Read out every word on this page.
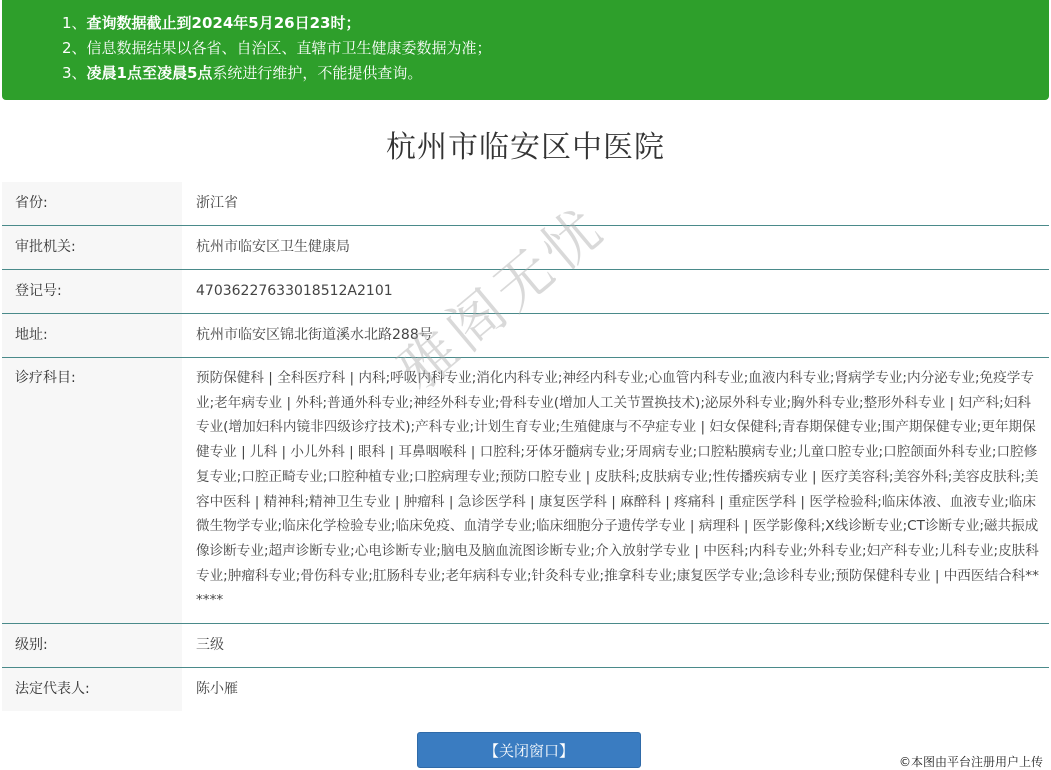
1、查询数据截止到2024年5月26日23时；
2、信息数据结果以各省、自治区、直辖市卫生健康委数据为准；
3、凌晨1点至凌晨5点系统进行维护，不能提供查询。
杭州市临安区中医院
省份:	浙江省
审批机关:	杭州市临安区卫生健康局
登记号:	47036227633018512A2101
地址:	杭州市临安区锦北街道溪水北路288号
诊疗科目:	预防保健科 | 全科医疗科 | 内科;呼吸内科专业;消化内科专业;神经内科专业;心血管内科专业;血液内科专业;肾病学专业;内分泌专业;免疫学专业;老年病专业 | 外科;普通外科专业;神经外科专业;骨科专业(增加人工关节置换技术);泌尿外科专业;胸外科专业;整形外科专业 | 妇产科;妇科专业(增加妇科内镜非四级诊疗技术);产科专业;计划生育专业;生殖健康与不孕症专业 | 妇女保健科;青春期保健专业;围产期保健专业;更年期保健专业 | 儿科 | 小儿外科 | 眼科 | 耳鼻咽喉科 | 口腔科;牙体牙髓病专业;牙周病专业;口腔粘膜病专业;儿童口腔专业;口腔颌面外科专业;口腔修复专业;口腔正畸专业;口腔种植专业;口腔病理专业;预防口腔专业 | 皮肤科;皮肤病专业;性传播疾病专业 | 医疗美容科;美容外科;美容皮肤科;美容中医科 | 精神科;精神卫生专业 | 肿瘤科 | 急诊医学科 | 康复医学科 | 麻醉科 | 疼痛科 | 重症医学科 | 医学检验科;临床体液、血液专业;临床微生物学专业;临床化学检验专业;临床免疫、血清学专业;临床细胞分子遗传学专业 | 病理科 | 医学影像科;X线诊断专业;CT诊断专业;磁共振成像诊断专业;超声诊断专业;心电诊断专业;脑电及脑血流图诊断专业;介入放射学专业 | 中医科;内科专业;外科专业;妇产科专业;儿科专业;皮肤科专业;肿瘤科专业;骨伤科专业;肛肠科专业;老年病科专业;针灸科专业;推拿科专业;康复医学专业;急诊科专业;预防保健科专业 | 中西医结合科******
级别:	三级
法定代表人:	陈小雁
雅阁无忧
【关闭窗口】
©本图由平台注册用户上传
